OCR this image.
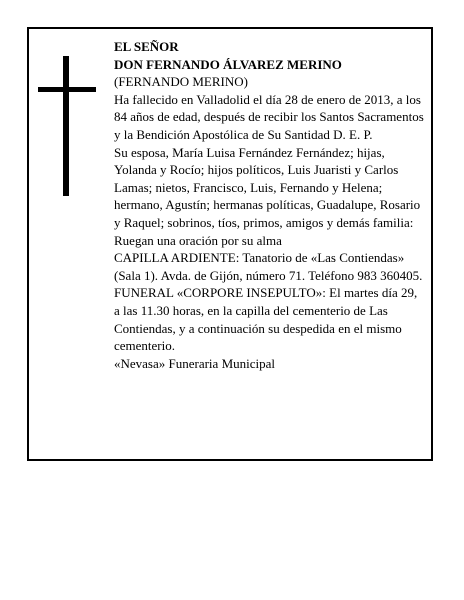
EL SEÑOR

DON FERNANDO ÁLVAREZ MERINO

(FERNANDO MERINO)

Ha fallecido en Valladolid el día 28 de enero de 2013, a los 84 años de edad, después de recibir los Santos Sacramentos y la Bendición Apostólica de Su Santidad D. E. P.

Su esposa, María Luisa Fernández Fernández; hijas, Yolanda y Rocío; hijos políticos, Luis Juaristi y Carlos Lamas; nietos, Francisco, Luis, Fernando y Helena; hermano, Agustín; hermanas políticas, Guadalupe, Rosario y Raquel; sobrinos, tíos, primos, amigos y demás familia:

Ruegan una oración por su alma

CAPILLA ARDIENTE: Tanatorio de «Las Contiendas» (Sala 1). Avda. de Gijón, número 71. Teléfono 983 360405.

FUNERAL «CORPORE INSEPULTO»: El martes día 29, a las 11.30 horas, en la capilla del cementerio de Las Contiendas, y a continuación su despedida en el mismo cementerio.

«Nevasa» Funeraria Municipal
